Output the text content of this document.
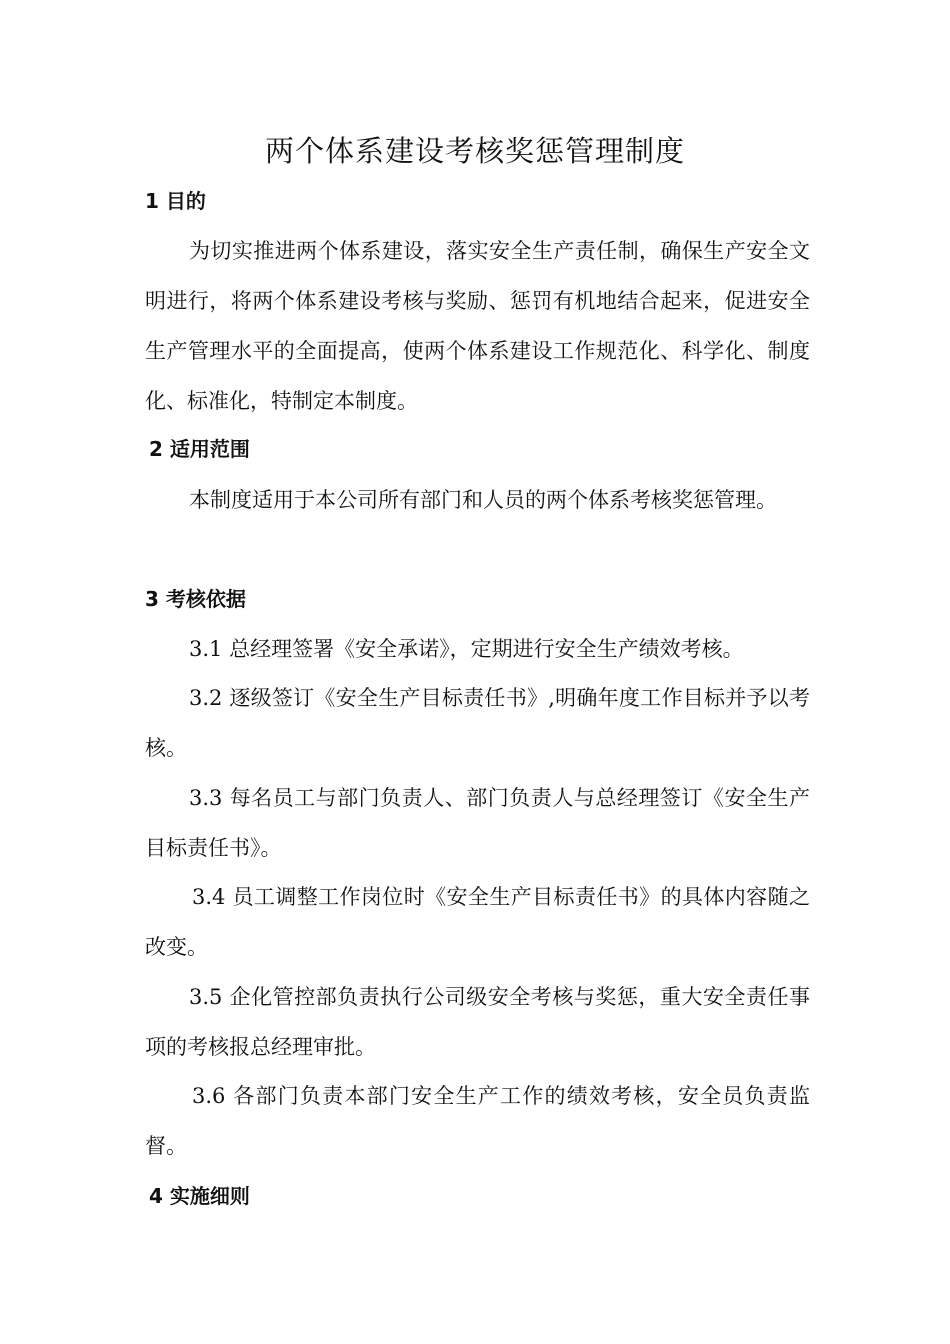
两个体系建设考核奖惩管理制度
1 目的
为切实推进两个体系建设，落实安全生产责任制，确保生产安全文明进行，将两个体系建设考核与奖励、惩罚有机地结合起来，促进安全生产管理水平的全面提高，使两个体系建设工作规范化、科学化、制度化、标准化，特制定本制度。
2 适用范围
本制度适用于本公司所有部门和人员的两个体系考核奖惩管理。
3 考核依据
3.1 总经理签署《安全承诺》，定期进行安全生产绩效考核。
3.2 逐级签订《安全生产目标责任书》,明确年度工作目标并予以考核。
3.3 每名员工与部门负责人、部门负责人与总经理签订《安全生产目标责任书》。
3.4 员工调整工作岗位时《安全生产目标责任书》的具体内容随之改变。
3.5 企化管控部负责执行公司级安全考核与奖惩，重大安全责任事项的考核报总经理审批。
3.6 各部门负责本部门安全生产工作的绩效考核，安全员负责监督。
4 实施细则
